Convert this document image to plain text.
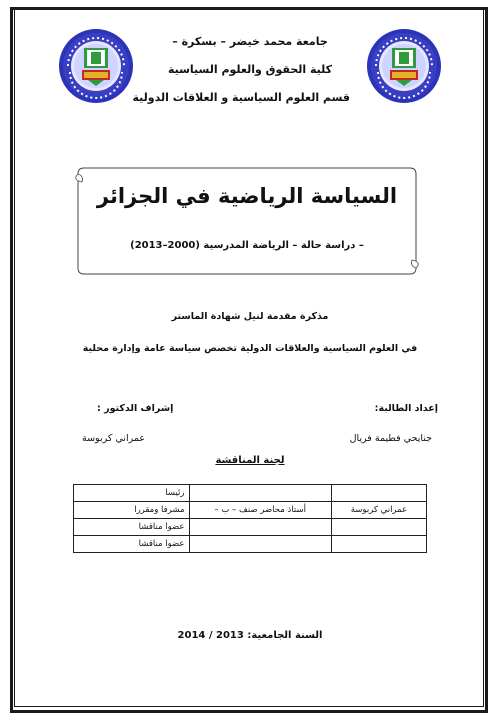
جامعة محمد خيضر – بسكرة –
كلية الحقوق والعلوم السياسية
قسم العلوم السياسية و العلاقات الدولية
السياسة الرياضية في الجزائر
– دراسة حالة – الرياضة المدرسية (2000–2013)
مذكرة مقدمة لنيل شهادة الماستر
في العلوم السياسية والعلاقات الدولية تخصص سياسة عامة وإدارة محلية
إعداد الطالبة:
إشراف الدكتور :
جنايحي فطيمة فريال
عمراني كربوسة
لجنة المناقشة
		رئيسا
عمراني كربوسة	أستاذ محاضر صنف – ب –	مشرفا ومقررا
		عضوا مناقشا
		عضوا مناقشا
السنة الجامعية: 2013 / 2014
